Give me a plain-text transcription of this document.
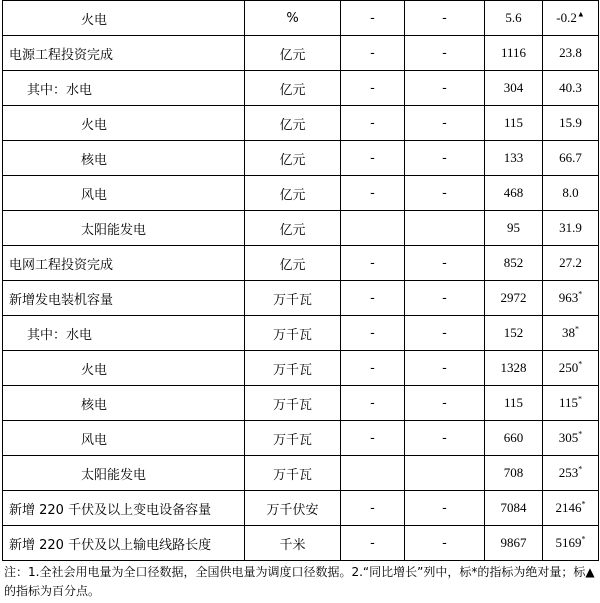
火电	%	-	-	5.6	-0.2▲
电源工程投资完成	亿元	-	-	1116	23.8
其中：水电	亿元	-	-	304	40.3
火电	亿元	-	-	115	15.9
核电	亿元	-	-	133	66.7
风电	亿元	-	-	468	8.0
太阳能发电	亿元			95	31.9
电网工程投资完成	亿元	-	-	852	27.2
新增发电装机容量	万千瓦	-	-	2972	963*
其中：水电	万千瓦	-	-	152	38*
火电	万千瓦	-	-	1328	250*
核电	万千瓦	-	-	115	115*
风电	万千瓦	-	-	660	305*
太阳能发电	万千瓦			708	253*
新增 220 千伏及以上变电设备容量	万千伏安	-	-	7084	2146*
新增 220 千伏及以上输电线路长度	千米	-	-	9867	5169*

注：1.全社会用电量为全口径数据，全国供电量为调度口径数据。2.“同比增长”列中，标*的指标为绝对量；标▲的指标为百分点。
